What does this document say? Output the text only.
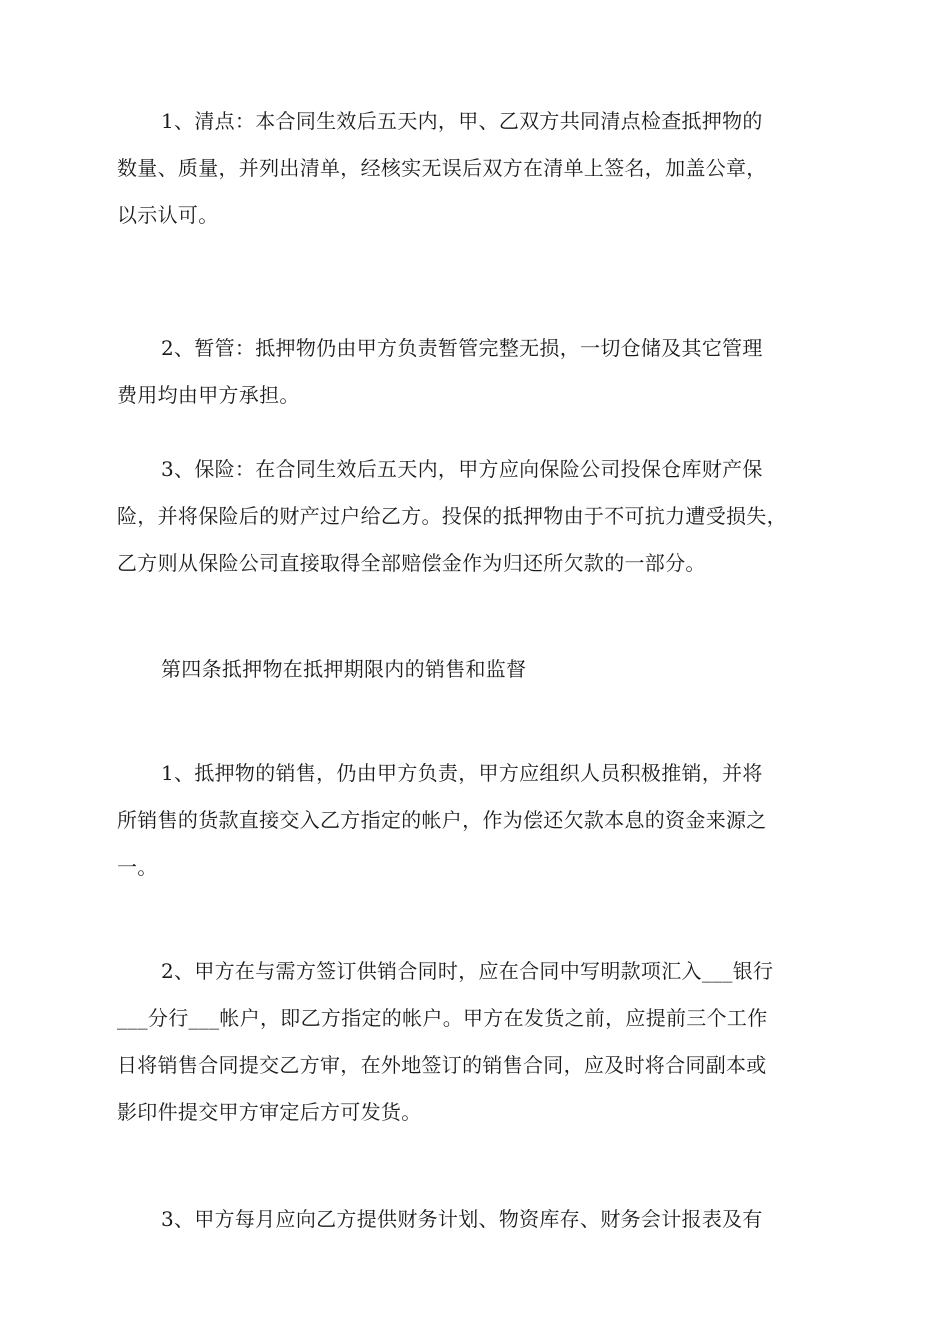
1、清点：本合同生效后五天内，甲、乙双方共同清点检查抵押物的
数量、质量，并列出清单，经核实无误后双方在清单上签名，加盖公章，
以示认可。
2、暂管：抵押物仍由甲方负责暂管完整无损，一切仓储及其它管理
费用均由甲方承担。
3、保险：在合同生效后五天内，甲方应向保险公司投保仓库财产保
险，并将保险后的财产过户给乙方。投保的抵押物由于不可抗力遭受损失，
乙方则从保险公司直接取得全部赔偿金作为归还所欠款的一部分。
第四条抵押物在抵押期限内的销售和监督
1、抵押物的销售，仍由甲方负责，甲方应组织人员积极推销，并将
所销售的货款直接交入乙方指定的帐户，作为偿还欠款本息的资金来源之
一。
2、甲方在与需方签订供销合同时，应在合同中写明款项汇入___银行
___分行___帐户，即乙方指定的帐户。甲方在发货之前，应提前三个工作
日将销售合同提交乙方审，在外地签订的销售合同，应及时将合同副本或
影印件提交甲方审定后方可发货。
3、甲方每月应向乙方提供财务计划、物资库存、财务会计报表及有
